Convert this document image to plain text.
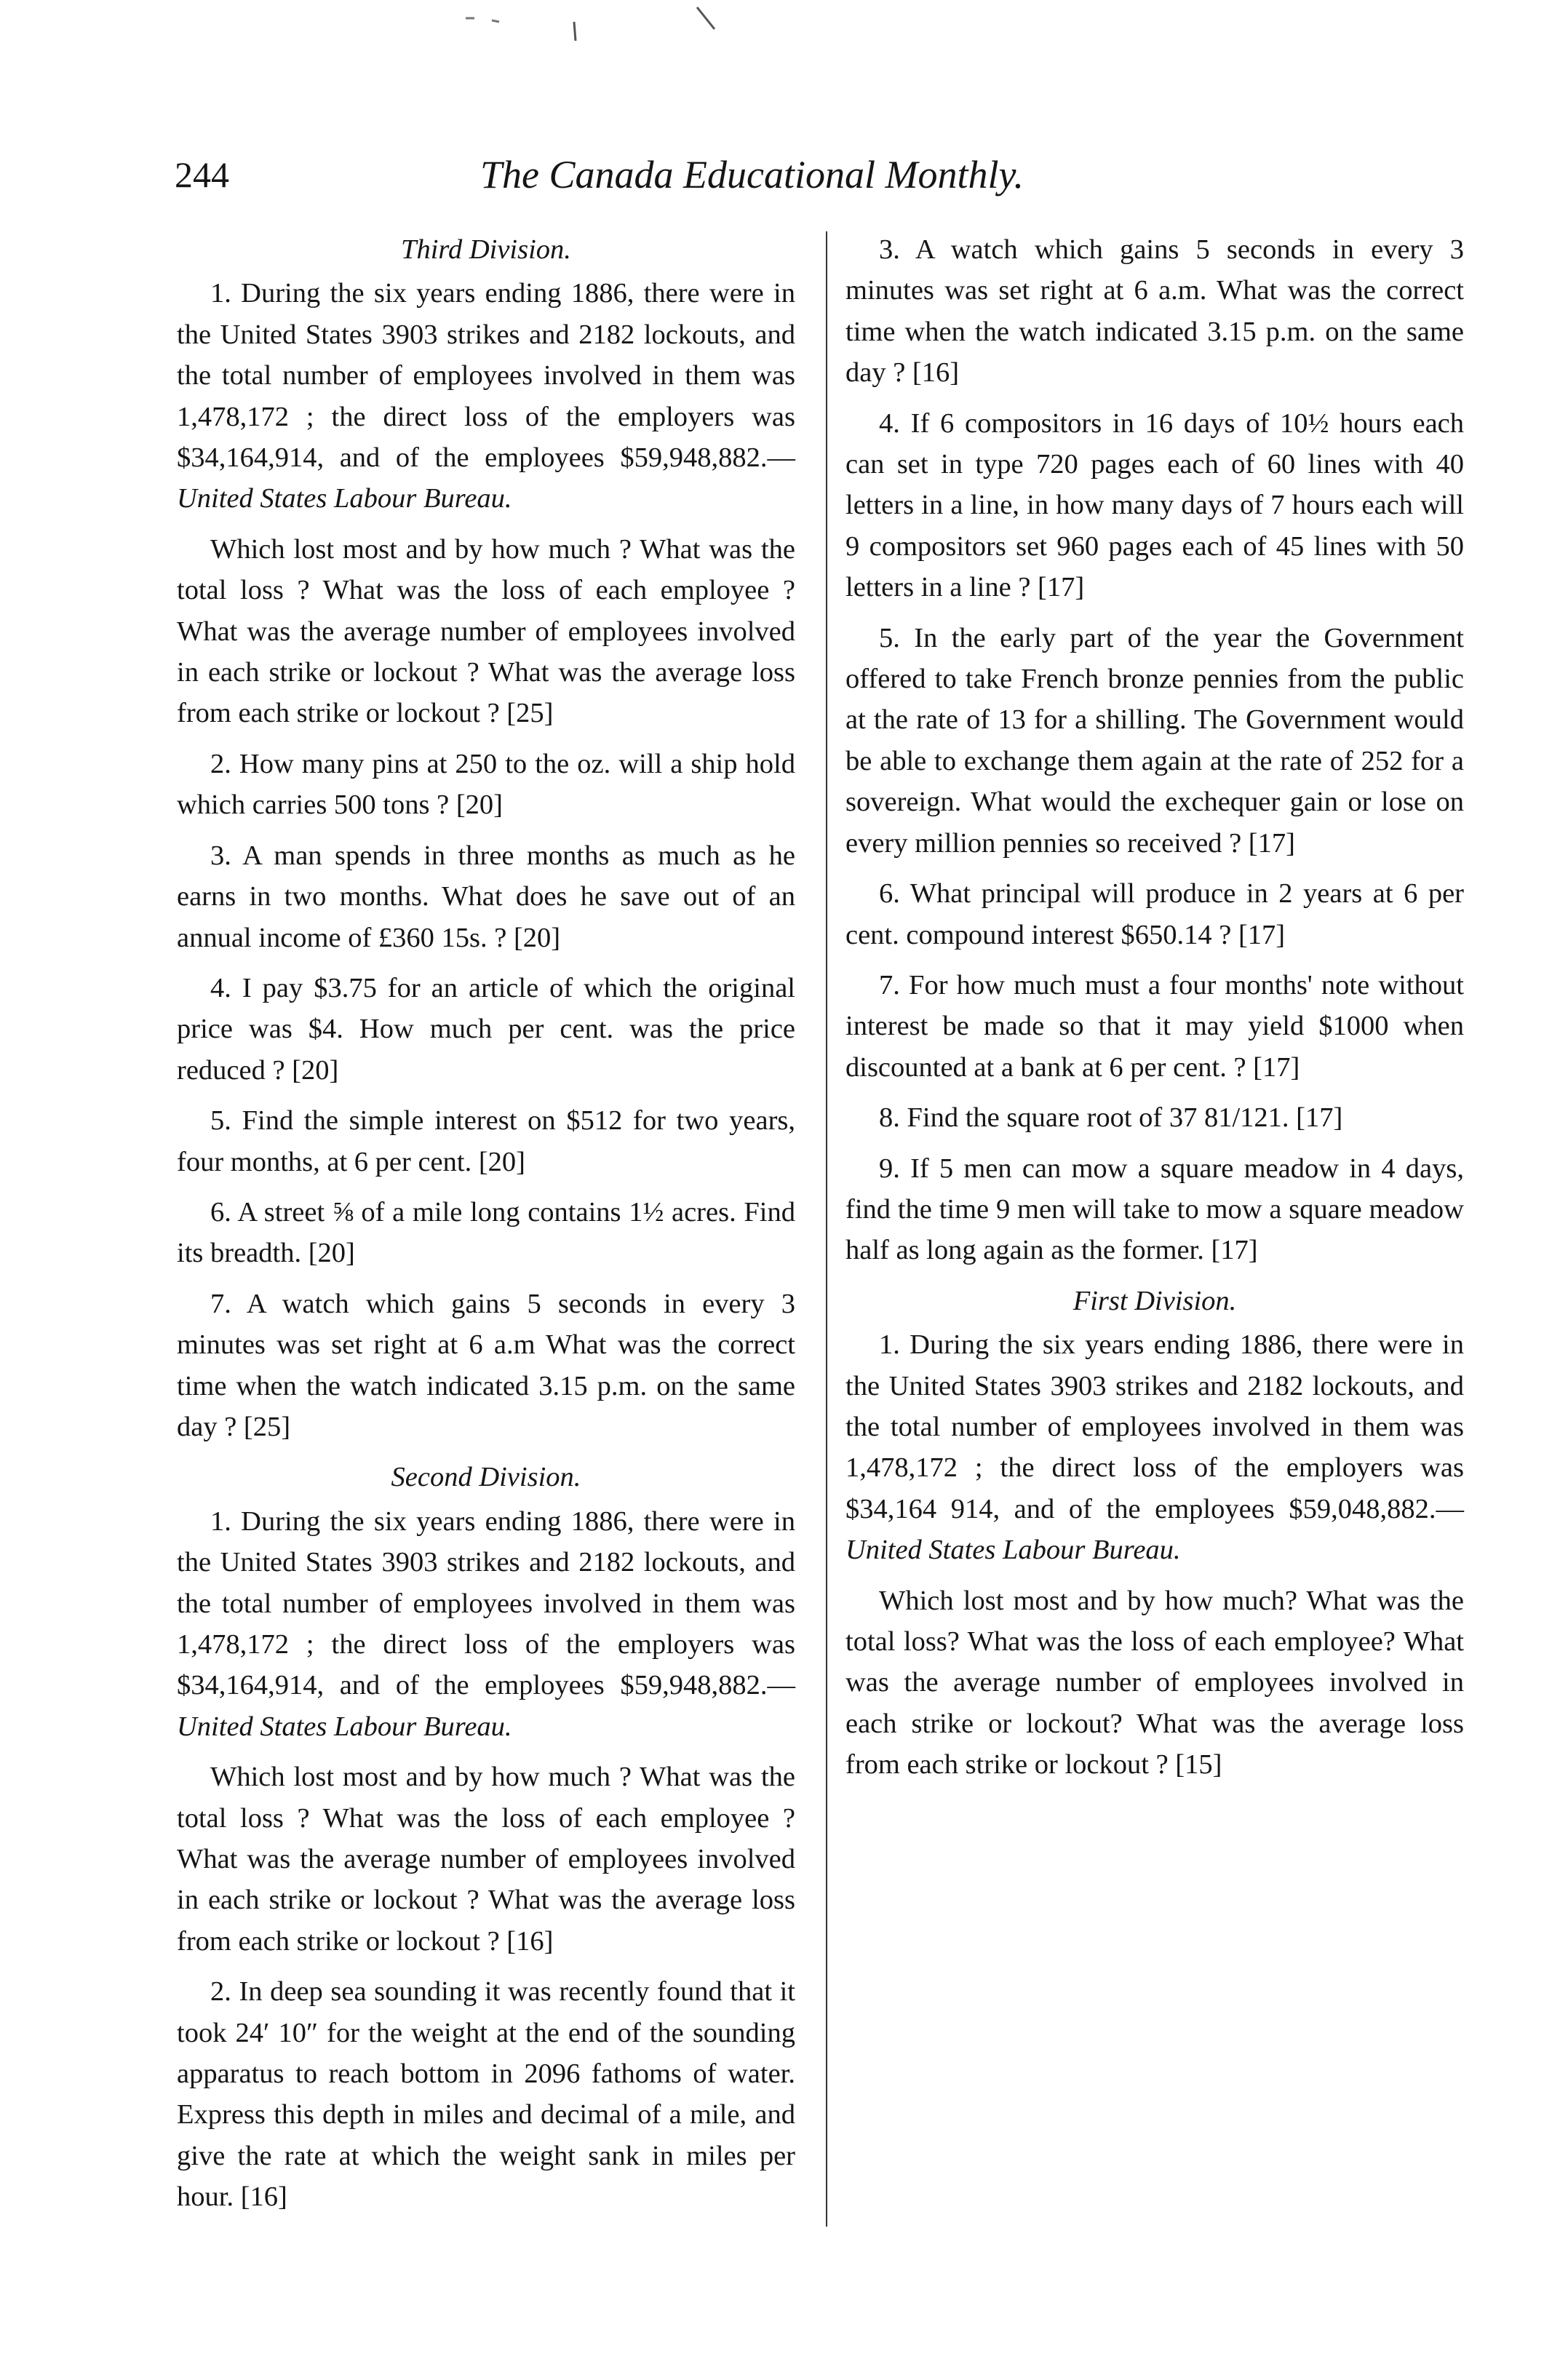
244	The Canada Educational Monthly.
Third Division.

1. During the six years ending 1886, there were in the United States 3903 strikes and 2182 lockouts, and the total number of employees involved in them was 1,478,172 ; the direct loss of the employers was $34,164,914, and of the employees $59,948,882.—United States Labour Bureau.

Which lost most and by how much ? What was the total loss ? What was the loss of each employee ? What was the average number of employees involved in each strike or lockout ? What was the average loss from each strike or lockout ? [25]

2. How many pins at 250 to the oz. will a ship hold which carries 500 tons ? [20]

3. A man spends in three months as much as he earns in two months. What does he save out of an annual income of £360 15s. ? [20]

4. I pay $3.75 for an article of which the original price was $4. How much per cent. was the price reduced ? [20]

5. Find the simple interest on $512 for two years, four months, at 6 per cent. [20]

6. A street ⅝ of a mile long contains 1½ acres. Find its breadth. [20]

7. A watch which gains 5 seconds in every 3 minutes was set right at 6 a.m What was the correct time when the watch indicated 3.15 p.m. on the same day ? [25]

Second Division.

1. During the six years ending 1886, there were in the United States 3903 strikes and 2182 lockouts, and the total number of employees involved in them was 1,478,172 ; the direct loss of the employers was $34,164,914, and of the employees $59,948,882.—United States Labour Bureau.

Which lost most and by how much ? What was the total loss ? What was the loss of each employee ? What was the average number of employees involved in each strike or lockout ? What was the average loss from each strike or lockout ? [16]

2. In deep sea sounding it was recently found that it took 24′ 10″ for the weight at the end of the sounding apparatus to reach bottom in 2096 fathoms of water. Express this depth in miles and decimal of a mile, and give the rate at which the weight sank in miles per hour. [16]

3. A watch which gains 5 seconds in every 3 minutes was set right at 6 a.m. What was the correct time when the watch indicated 3.15 p.m. on the same day ? [16]

4. If 6 compositors in 16 days of 10½ hours each can set in type 720 pages each of 60 lines with 40 letters in a line, in how many days of 7 hours each will 9 compositors set 960 pages each of 45 lines with 50 letters in a line ? [17]

5. In the early part of the year the Government offered to take French bronze pennies from the public at the rate of 13 for a shilling. The Government would be able to exchange them again at the rate of 252 for a sovereign. What would the exchequer gain or lose on every million pennies so received ? [17]

6. What principal will produce in 2 years at 6 per cent. compound interest $650.14 ? [17]

7. For how much must a four months' note without interest be made so that it may yield $1000 when discounted at a bank at 6 per cent. ? [17]

8. Find the square root of 37 81/121. [17]

9. If 5 men can mow a square meadow in 4 days, find the time 9 men will take to mow a square meadow half as long again as the former. [17]

First Division.

1. During the six years ending 1886, there were in the United States 3903 strikes and 2182 lockouts, and the total number of employees involved in them was 1,478,172 ; the direct loss of the employers was $34,164 914, and of the employees $59,048,882.—United States Labour Bureau.

Which lost most and by how much? What was the total loss? What was the loss of each employee? What was the average number of employees involved in each strike or lockout? What was the average loss from each strike or lockout ? [15]
